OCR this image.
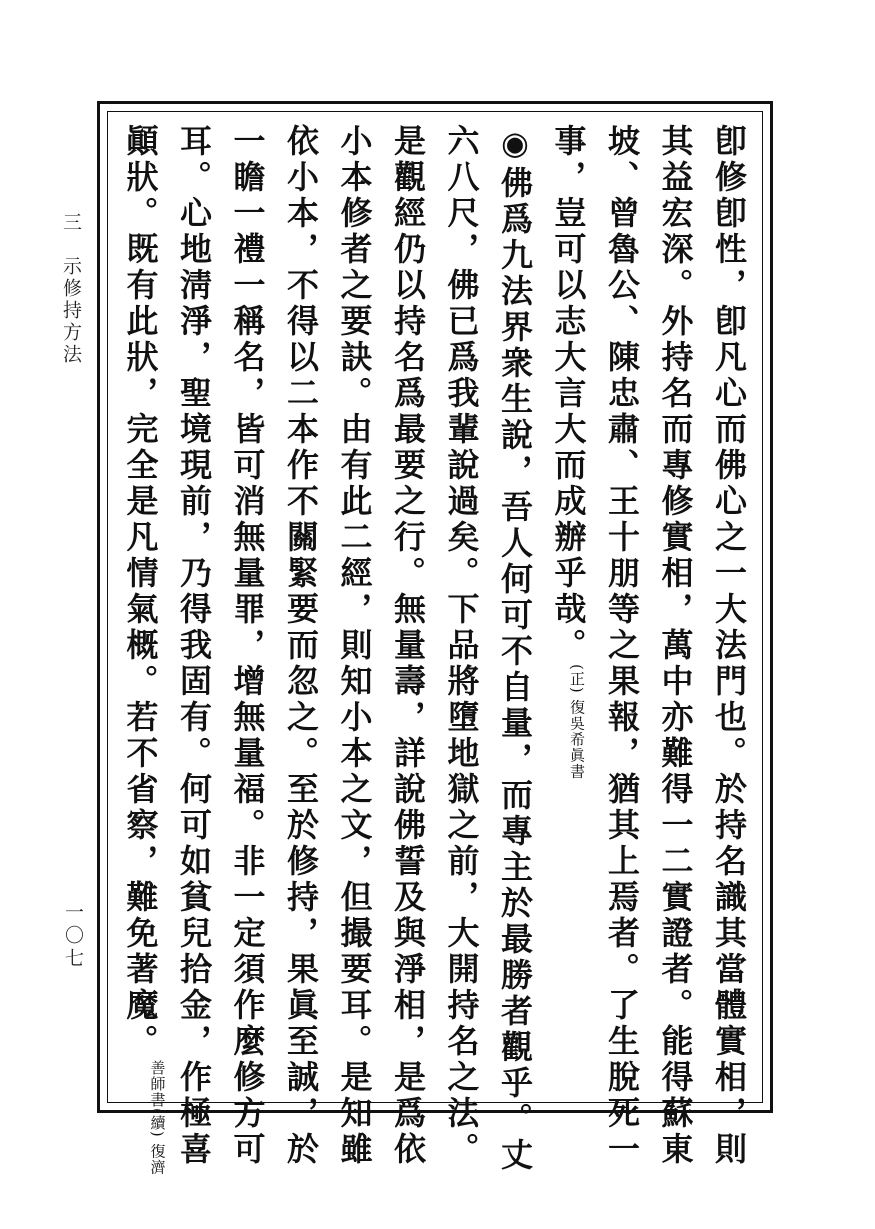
三　示修持方法
一〇七	卽修卽性，卽凡心而佛心之一大法門也。於持名識其當體實相，則
其益宏深。外持名而專修實相，萬中亦難得一二實證者。能得蘇東
坡、曾魯公、陳忠肅、王十朋等之果報，猶其上焉者。了生脫死一
事，豈可以志大言大而成辦乎哉。(正) 復吳希眞書
◉佛爲九法界衆生說，吾人何可不自量，而專主於最勝者觀乎。丈
六八尺，佛已爲我輩說過矣。下品將墮地獄之前，大開持名之法。
是觀經仍以持名爲最要之行。無量壽，詳說佛誓及與淨相，是爲依
小本修者之要訣。由有此二經，則知小本之文，但撮要耳。是知雖
依小本，不得以二本作不關緊要而忽之。至於修持，果眞至誠，於
一瞻一禮一稱名，皆可消無量罪，增無量福。非一定須作麼修方可
耳。心地淸淨，聖境現前，乃得我固有。何可如貧兒拾金，作極喜
顚狀。既有此狀，完全是凡情氣概。若不省察，難免著魔。
(續) 復濟
善師書
